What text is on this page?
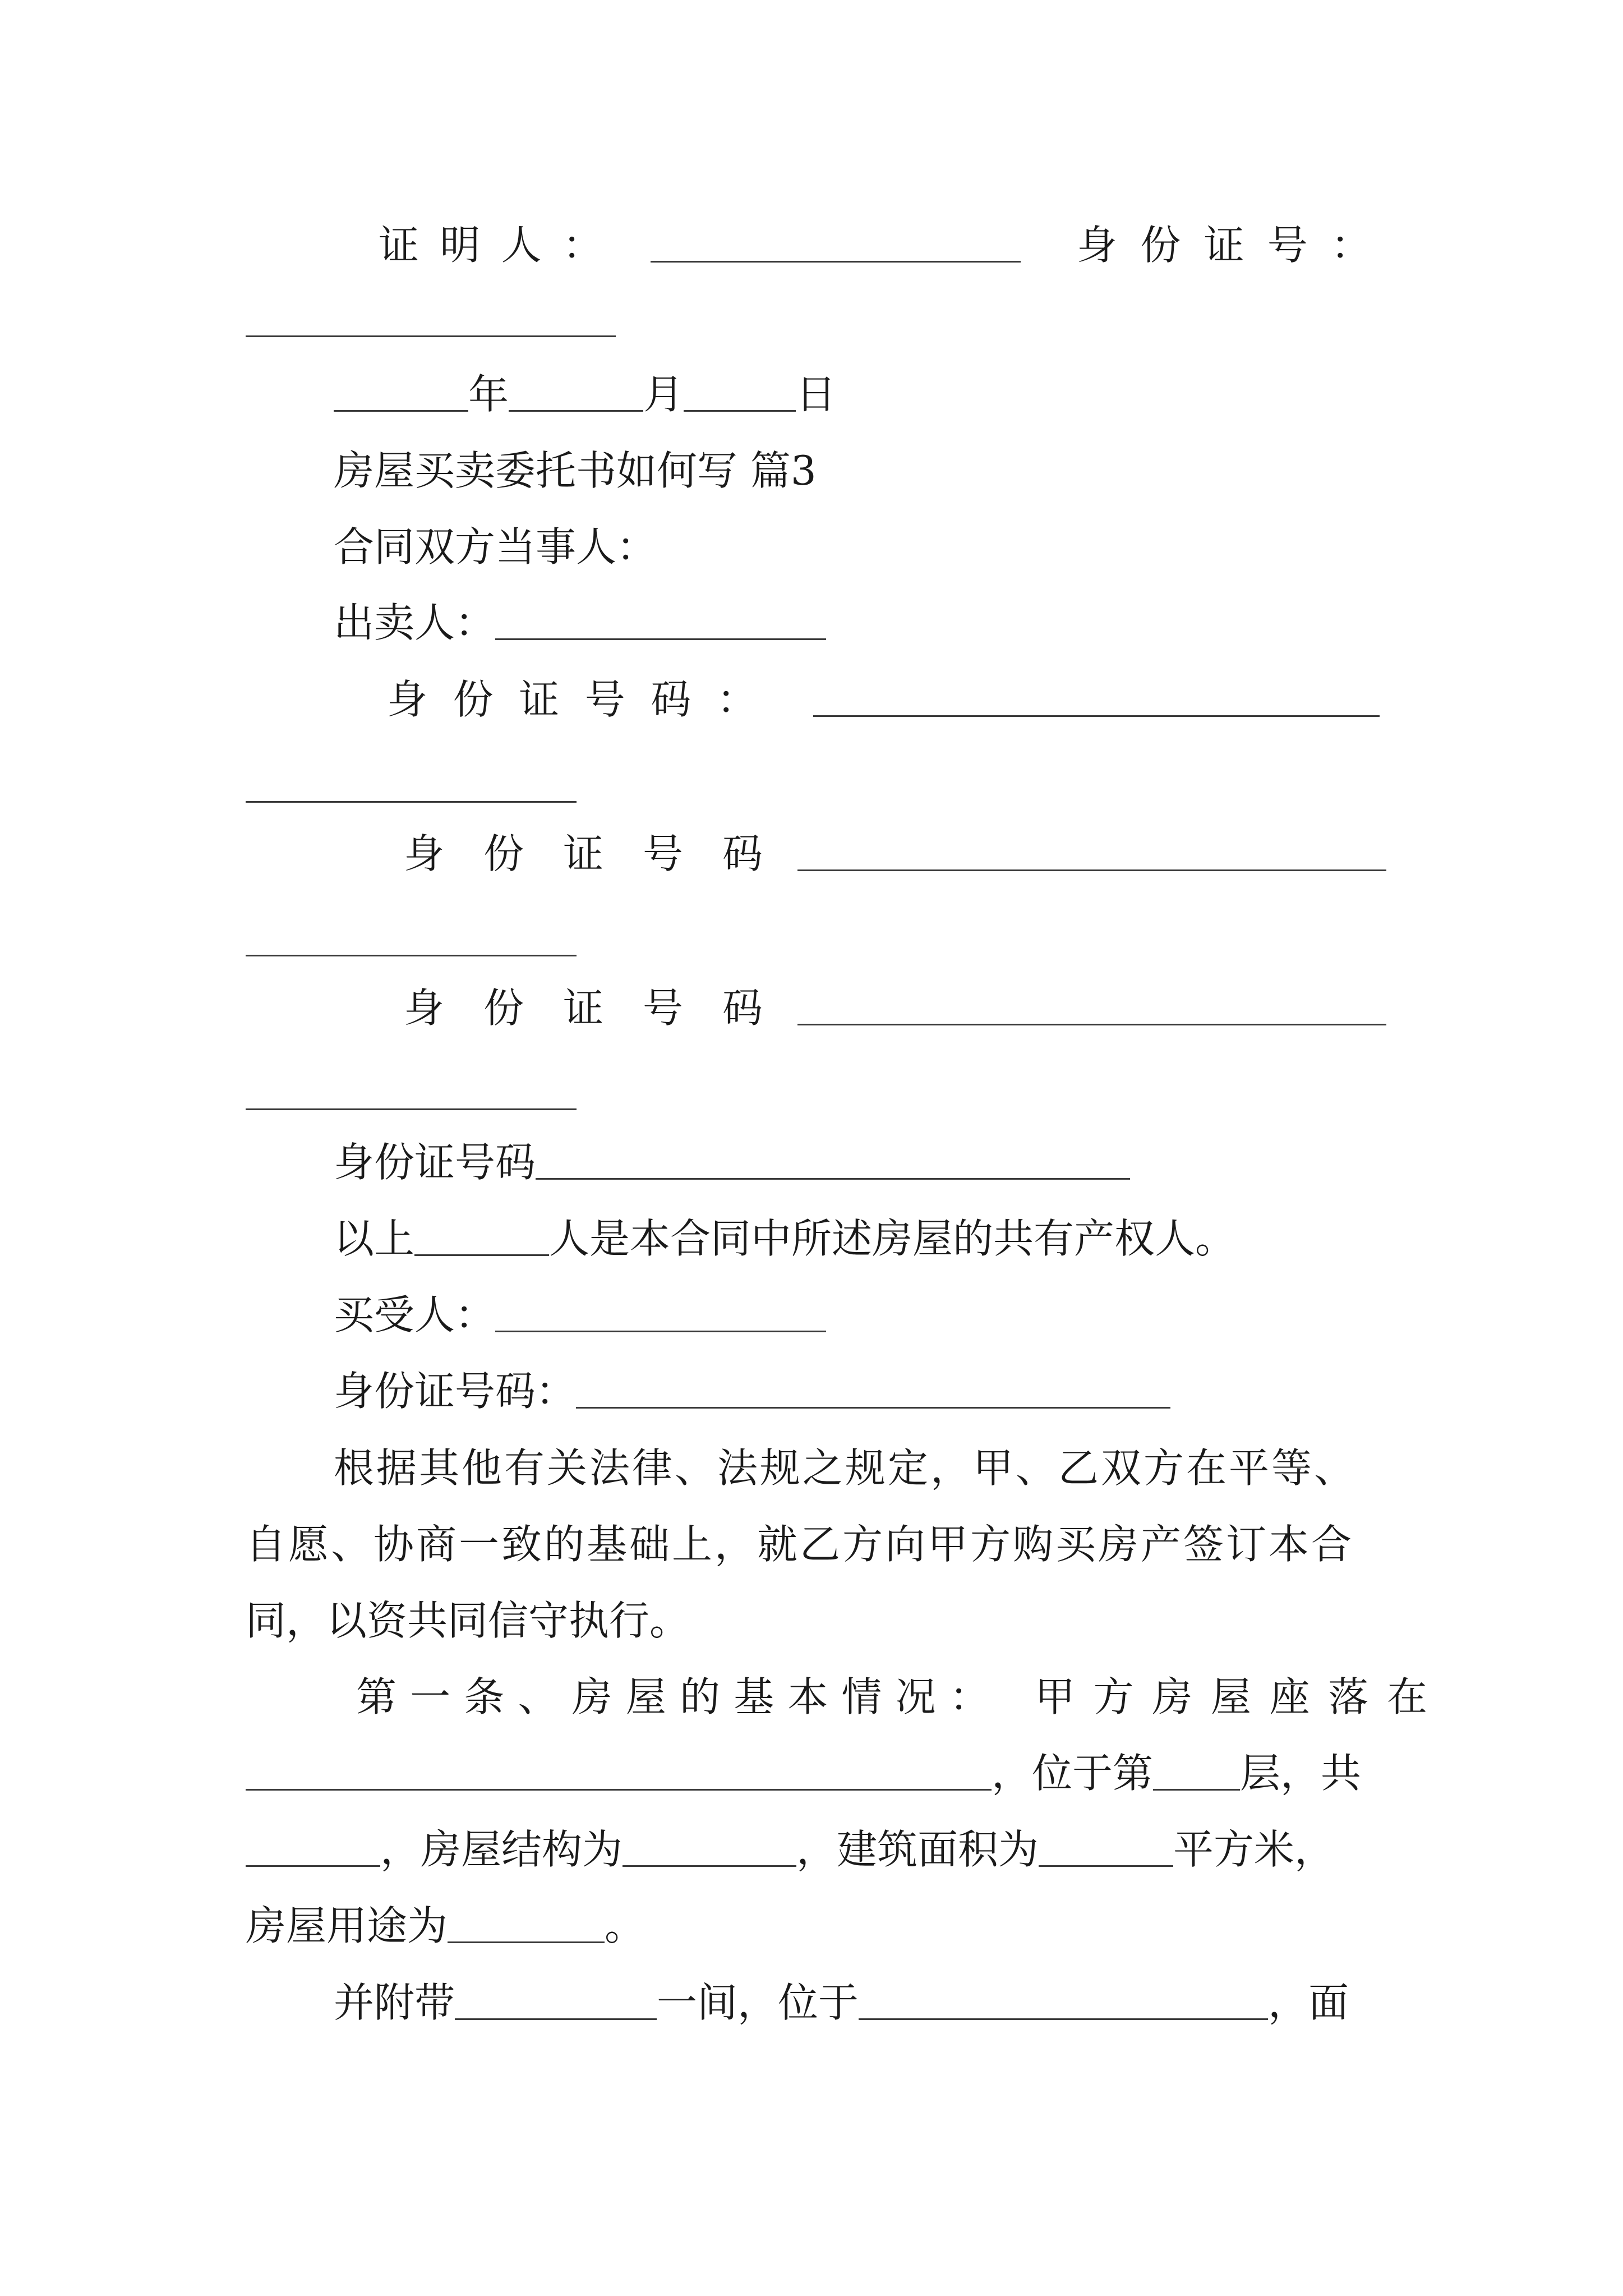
证 明 人 ：	身 份 证 号 ：
年	月	日
房屋买卖委托书如何写 篇3
合同双方当事人：
出卖人：
身 份 证 号 码 ：
身 份 证 号 码
身 份 证 号 码
身份证号码
以上	人是本合同中所述房屋的共有产权人。
买受人：
身份证号码：
根据其他有关法律、法规之规定，甲、乙双方在平等、
自愿、协商一致的基础上，就乙方向甲方购买房产签订本合
同，以资共同信守执行。
第 一 条 、 房 屋 的 基 本 情 况 ： 甲 方 房 屋 座 落 在
，位于第 层，共
，房屋结构为	，建筑面积为	平方米，
房屋用途为	。
并附带	一间，位于	，面
